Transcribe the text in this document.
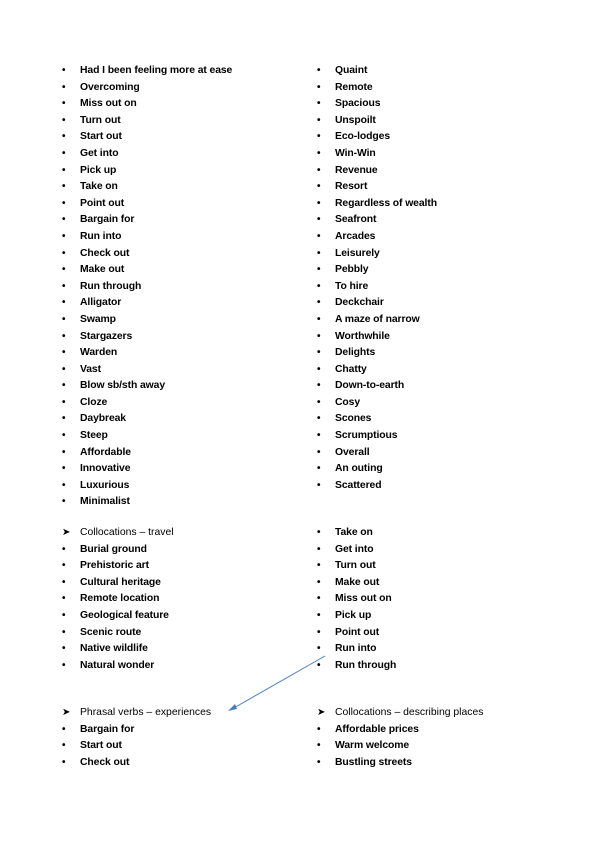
• Had I been feeling more at ease
• Overcoming
• Miss out on
• Turn out
• Start out
• Get into
• Pick up
• Take on
• Point out
• Bargain for
• Run into
• Check out
• Make out
• Run through
• Alligator
• Swamp
• Stargazers
• Warden
• Vast
• Blow sb/sth away
• Cloze
• Daybreak
• Steep
• Affordable
• Innovative
• Luxurious
• Minimalist
• Quaint
• Remote
• Spacious
• Unspoilt
• Eco-lodges
• Win-Win
• Revenue
• Resort
• Regardless of wealth
• Seafront
• Arcades
• Leisurely
• Pebbly
• To hire
• Deckchair
• A maze of narrow
• Worthwhile
• Delights
• Chatty
• Down-to-earth
• Cosy
• Scones
• Scrumptious
• Overall
• An outing
• Scattered
➤ Collocations – travel
• Burial ground
• Prehistoric art
• Cultural heritage
• Remote location
• Geological feature
• Scenic route
• Native wildlife
• Natural wonder
• Take on
• Get into
• Turn out
• Make out
• Miss out on
• Pick up
• Point out
• Run into
• Run through
➤ Phrasal verbs – experiences
• Bargain for
• Start out
• Check out
➤ Collocations – describing places
• Affordable prices
• Warm welcome
• Bustling streets
